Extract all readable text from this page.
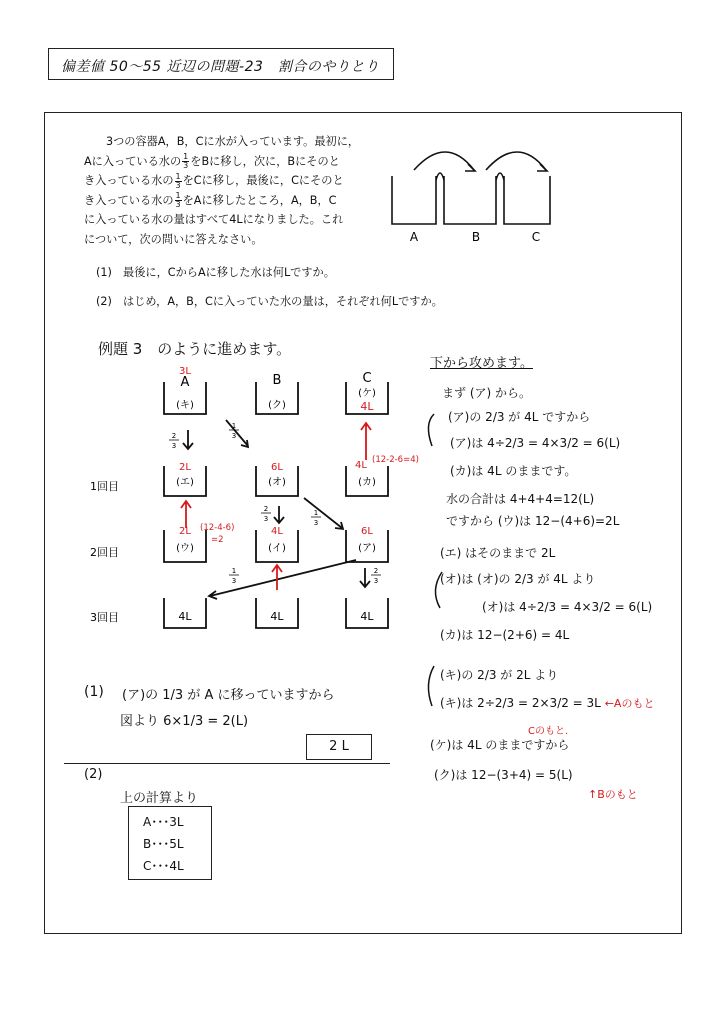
偏差値 50〜55 近辺の問題-23　割合のやりとり
3つの容器A，B，Cに水が入っています。最初に，
Aに入っている水の $\frac{1}{3}$ をBに移し，次に，Bにそのと
き入っている水の $\frac{1}{3}$ をCに移し，最後に，Cにそのと
き入っている水の $\frac{1}{3}$ をAに移したところ，A，B，C
に入っている水の量はすべて4Lになりました。これ
について，次の問いに答えなさい。
(1)　最後に，CからAに移した水は何Lですか。
(2)　はじめ，A，B，Cに入っていた水の量は，それぞれ何Lですか。
A	B	C
例題 3　のように進めます。
A	B	C
3L
(キ)	(ク)
(ケ)
4L
1回目
2回目
3回目
2L
(エ)
6L
(オ)
4L
(カ)
(12-2-6=4)
2L
(ウ)
(12-4-6)
=2
4L
(イ)
6L
(ア)
4L	4L	4L
2
3
1
3
2
3
1
3
1
3
2
3
下から攻めます。
まず (ア) から。
(ア)の 2/3 が 4L ですから
(ア)は 4÷2/3 = 4×3/2 = 6(L)
(カ)は 4L のままです。
水の合計は 4+4+4=12(L)
ですから (ウ)は 12−(4+6)=2L
(エ) はそのままで 2L
(オ)は (オ)の 2/3 が 4L より
(オ)は 4÷2/3 = 4×3/2 = 6(L)
(カ)は 12−(2+6) = 4L
(キ)の 2/3 が 2L より
(キ)は 2÷2/3 = 2×3/2 = 3L ←Aのもと
Cのもと.
(ケ)は 4L のままですから
(ク)は 12−(3+4) = 5(L)
↑Bのもと
(1) (ア)の 1/3 が A に移っていますから
図より 6×1/3 = 2(L)
2 L
(2)
上の計算より
A･･･3L
B･･･5L
C･･･4L
